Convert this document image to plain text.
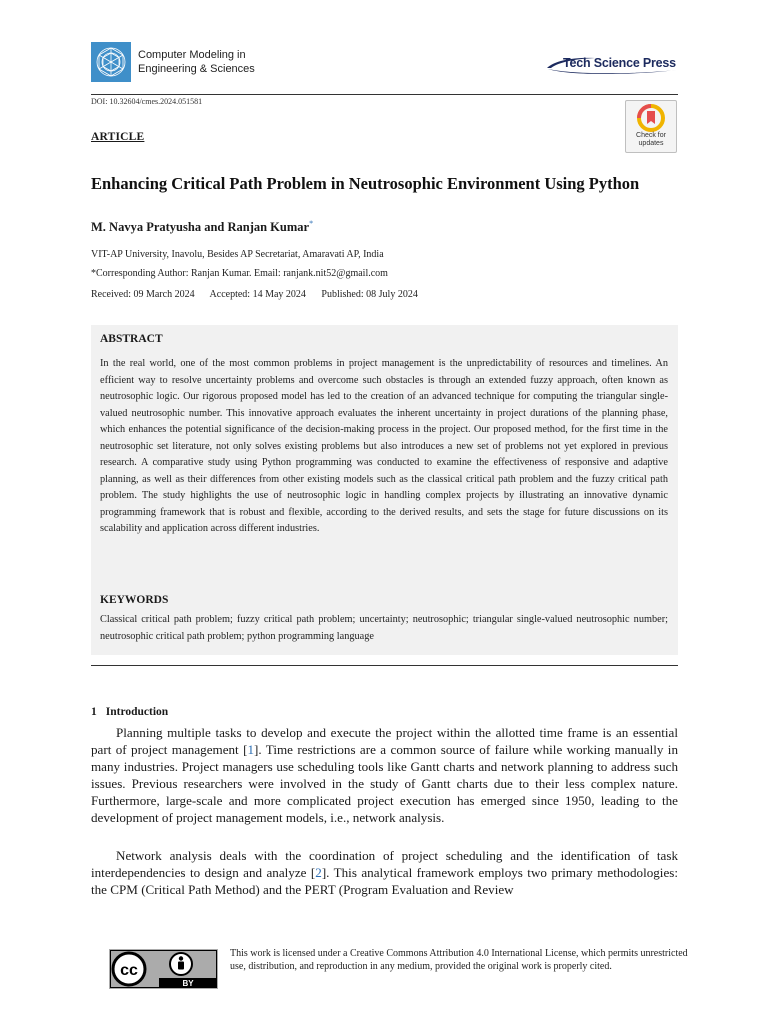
Computer Modeling in
Engineering & Sciences	Tech Science Press
DOI: 10.32604/cmes.2024.051581
ARTICLE	Check for
updates
Enhancing Critical Path Problem in Neutrosophic Environment Using Python
M. Navya Pratyusha and Ranjan Kumar*
VIT-AP University, Inavolu, Besides AP Secretariat, Amaravati AP, India
*Corresponding Author: Ranjan Kumar. Email: ranjank.nit52@gmail.com
Received: 09 March 2024 Accepted: 14 May 2024 Published: 08 July 2024
ABSTRACT
In the real world, one of the most common problems in project management is the unpredictability of resources and timelines. An efficient way to resolve uncertainty problems and overcome such obstacles is through an extended fuzzy approach, often known as neutrosophic logic. Our rigorous proposed model has led to the creation of an advanced technique for computing the triangular single-valued neutrosophic number. This innovative approach evaluates the inherent uncertainty in project durations of the planning phase, which enhances the potential significance of the decision-making process in the project. Our proposed method, for the first time in the neutrosophic set literature, not only solves existing problems but also introduces a new set of problems not yet explored in previous research. A comparative study using Python programming was conducted to examine the effectiveness of responsive and adaptive planning, as well as their differences from other existing models such as the classical critical path problem and the fuzzy critical path problem. The study highlights the use of neutrosophic logic in handling complex projects by illustrating an innovative dynamic programming framework that is robust and flexible, according to the derived results, and sets the stage for future discussions on its scalability and application across different industries.
KEYWORDS
Classical critical path problem; fuzzy critical path problem; uncertainty; neutrosophic; triangular single-valued neutrosophic number; neutrosophic critical path problem; python programming language
1 Introduction
Planning multiple tasks to develop and execute the project within the allotted time frame is an essential part of project management [1]. Time restrictions are a common source of failure while working manually in many industries. Project managers use scheduling tools like Gantt charts and network planning to address such issues. Previous researchers were involved in the study of Gantt charts due to their less complex nature. Furthermore, large-scale and more complicated project execution has emerged since 1950, leading to the development of project management models, i.e., network analysis.
Network analysis deals with the coordination of project scheduling and the identification of task interdependencies to design and analyze [2]. This analytical framework employs two primary methodologies: the CPM (Critical Path Method) and the PERT (Program Evaluation and Review
cc
BY
This work is licensed under a Creative Commons Attribution 4.0 International License, which permits unrestricted use, distribution, and reproduction in any medium, provided the original work is properly cited.
